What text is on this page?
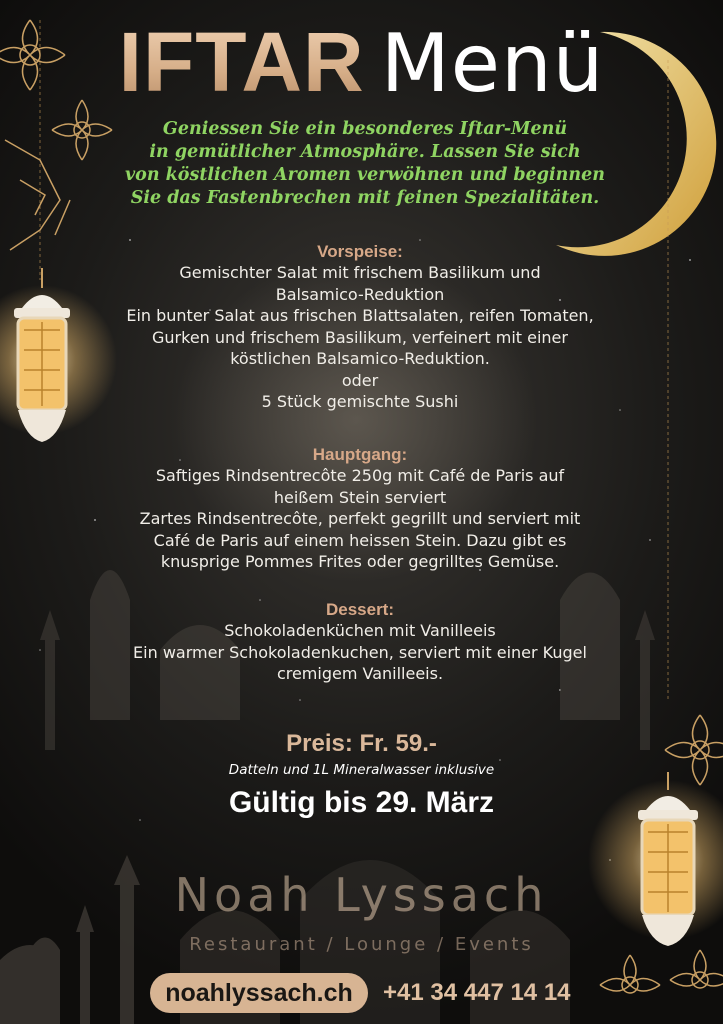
IFTAR Menü
Geniessen Sie ein besonderes Iftar-Menü
in gemütlicher Atmosphäre. Lassen Sie sich
von köstlichen Aromen verwöhnen und beginnen
Sie das Fastenbrechen mit feinen Spezialitäten.
Vorspeise:

Gemischter Salat mit frischem Basilikum und

Balsamico-Reduktion

Ein bunter Salat aus frischen Blattsalaten, reifen Tomaten,

Gurken und frischem Basilikum, verfeinert mit einer

köstlichen Balsamico-Reduktion.

oder

5 Stück gemischte Sushi

Hauptgang:

Saftiges Rindsentrecôte 250g mit Café de Paris auf

heißem Stein serviert

Zartes Rindsentrecôte, perfekt gegrillt und serviert mit

Café de Paris auf einem heissen Stein. Dazu gibt es

knusprige Pommes Frites oder gegrilltes Gemüse.

Dessert:

Schokoladenküchen mit Vanilleeis

Ein warmer Schokoladenkuchen, serviert mit einer Kugel

cremigem Vanilleeis.

Preis: Fr. 59.-
Datteln und 1L Mineralwasser inklusive
Gültig bis 29. März
Noah Lyssach
Restaurant / Lounge / Events
noahlyssach.ch	+41 34 447 14 14
